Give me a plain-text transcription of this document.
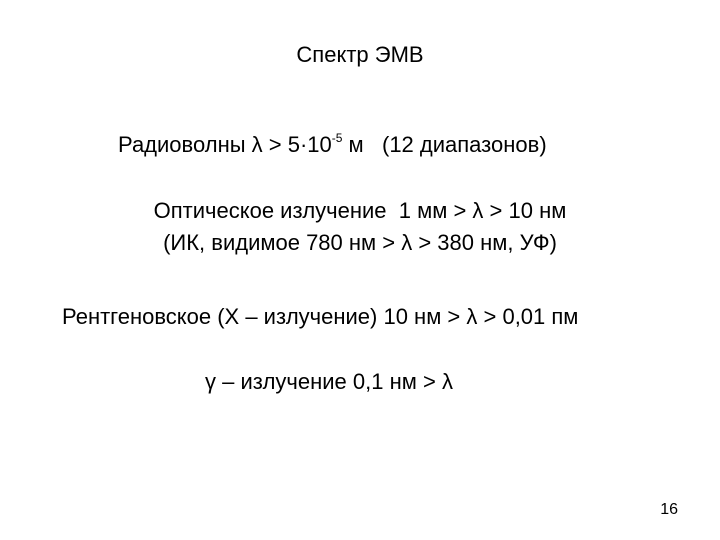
Спектр ЭМВ
Радиоволны $\lambda > 5\cdot 10^{-5}$ м   (12 диапазонов)
Оптическое излучение  1 мм > λ > 10 нм
(ИК, видимое 780 нм > λ > 380 нм, УФ)
Рентгеновское (X – излучение) 10 нм > λ > 0,01 пм
γ – излучение 0,1 нм > λ
16
